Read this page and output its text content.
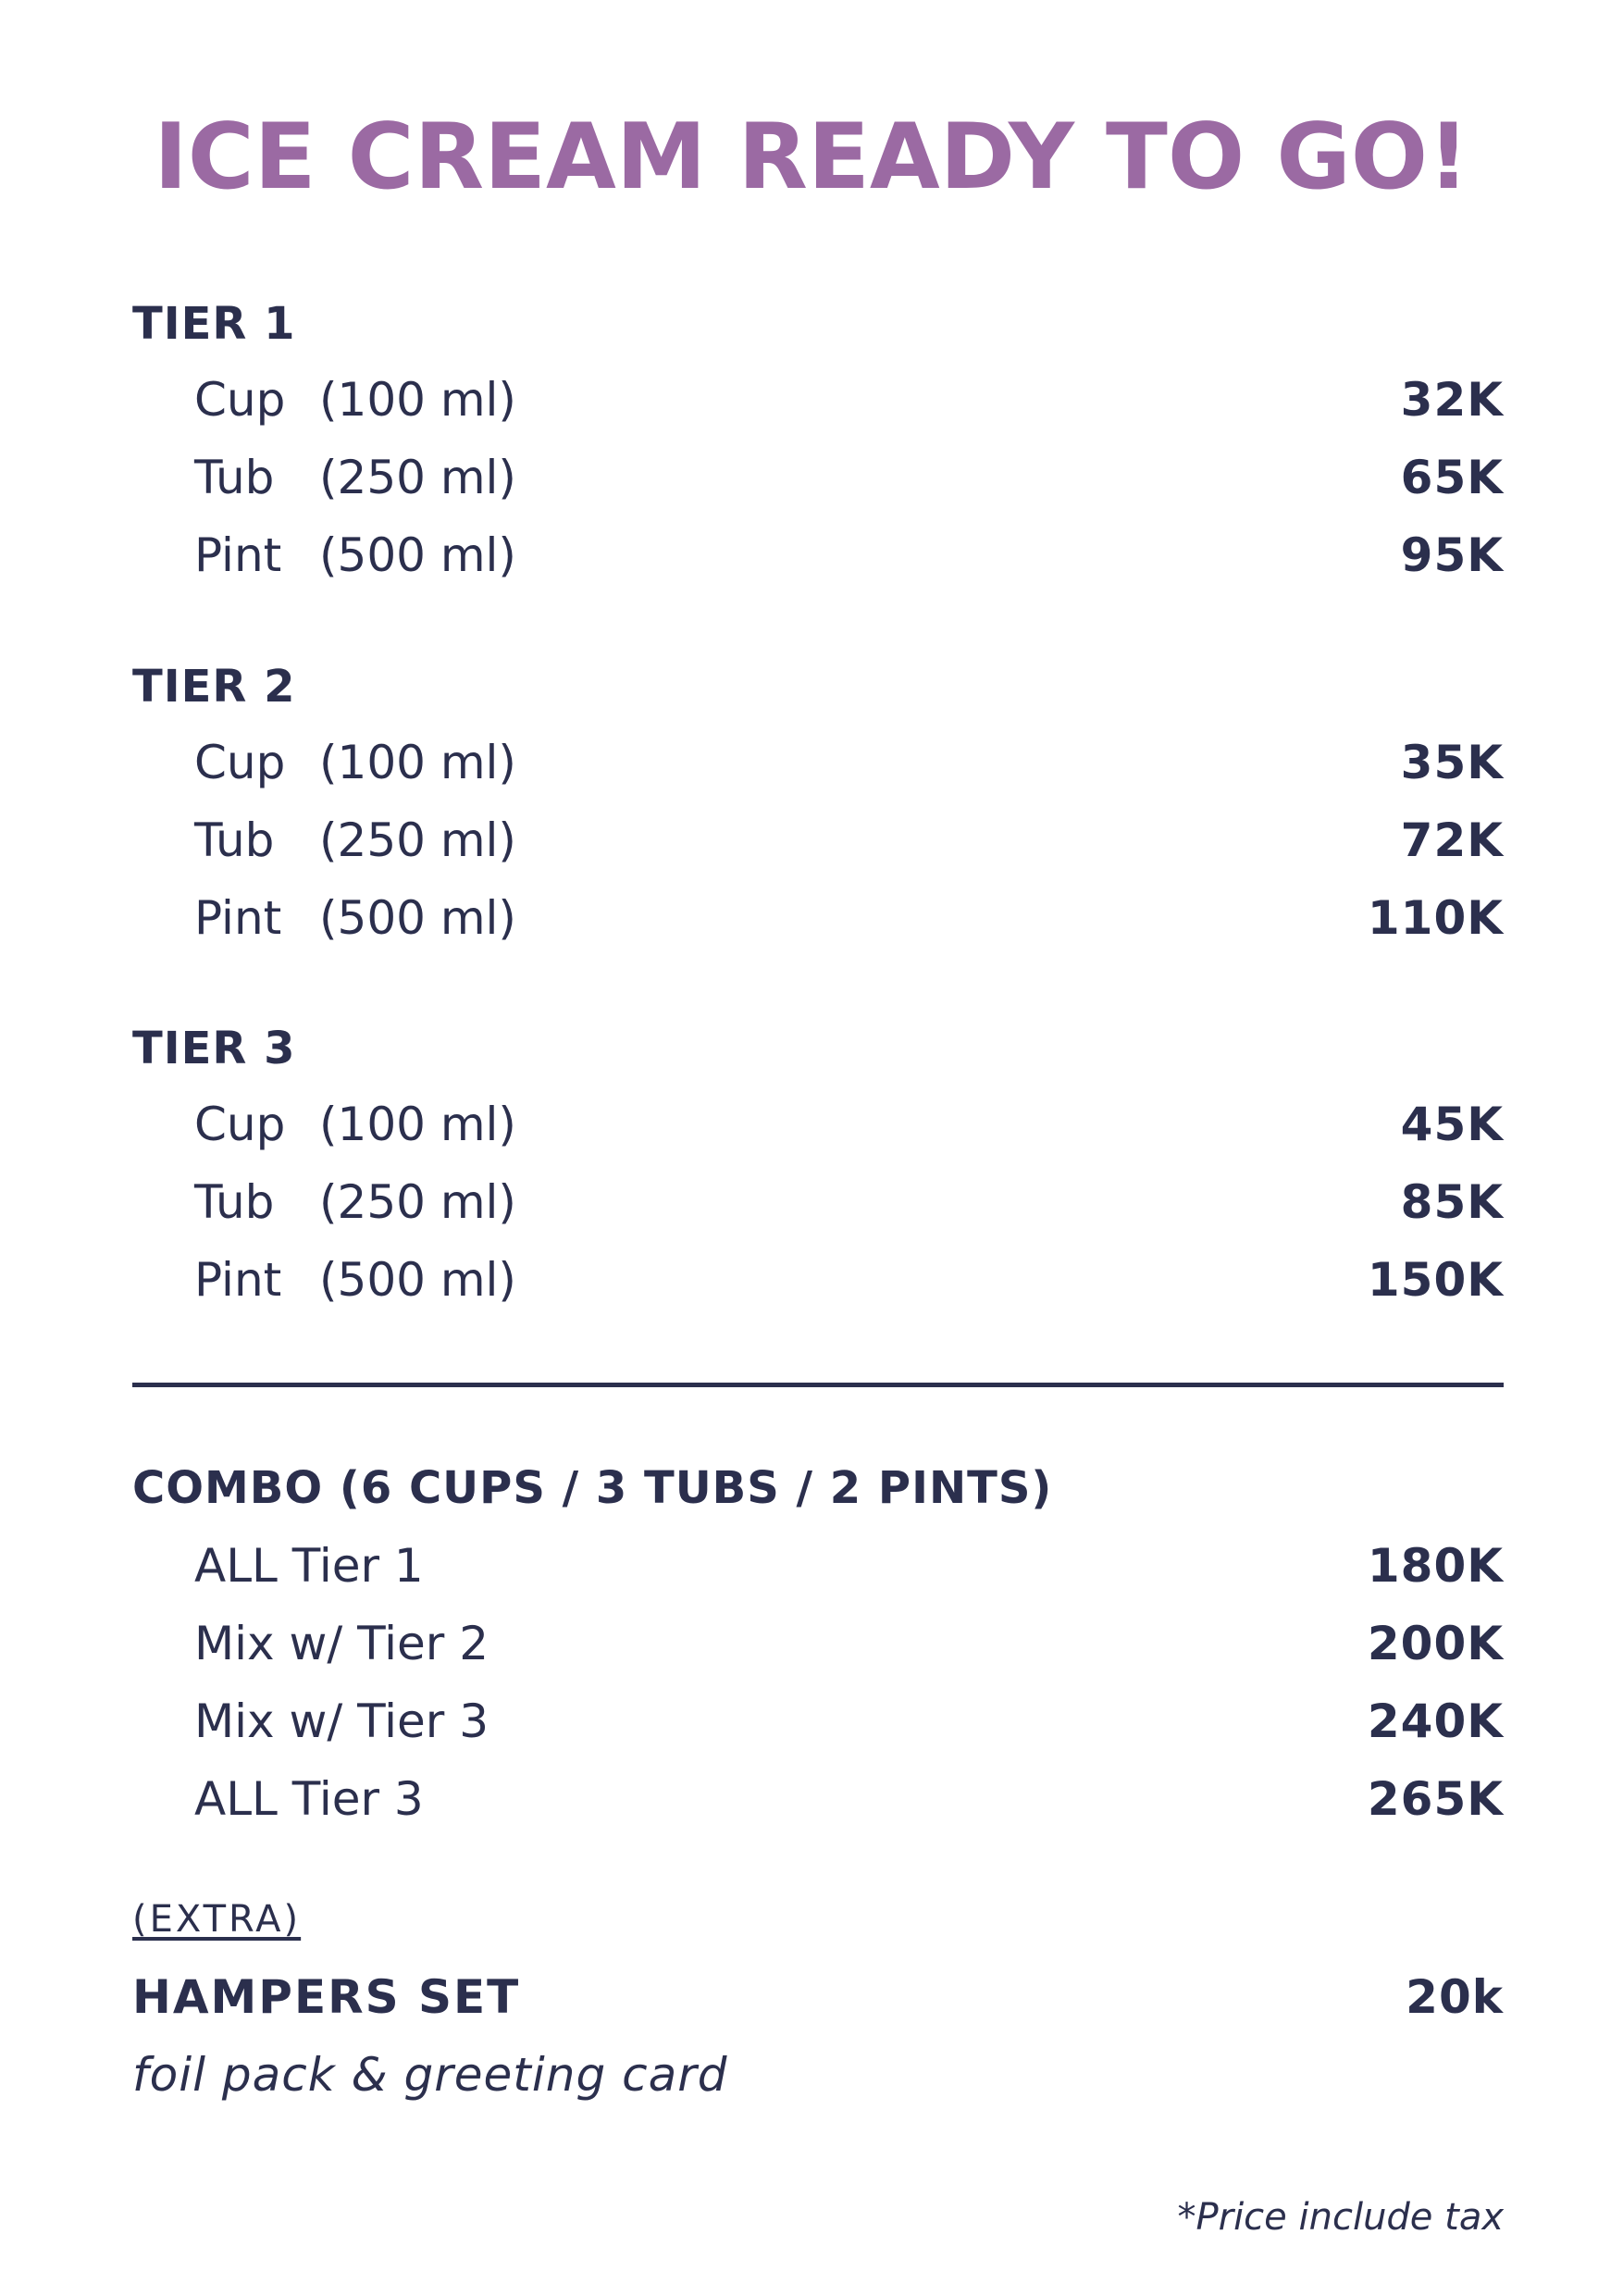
ICE CREAM READY TO GO!
TIER 1
Cup (100 ml)	32K
Tub (250 ml)	65K
Pint (500 ml)	95K
TIER 2
Cup (100 ml)	35K
Tub (250 ml)	72K
Pint (500 ml)	110K
TIER 3
Cup (100 ml)	45K
Tub (250 ml)	85K
Pint (500 ml)	150K
COMBO (6 CUPS / 3 TUBS / 2 PINTS)
ALL Tier 1	180K
Mix w/ Tier 2	200K
Mix w/ Tier 3	240K
ALL Tier 3	265K
(EXTRA)
HAMPERS SET	20k
foil pack & greeting card
*Price include tax
